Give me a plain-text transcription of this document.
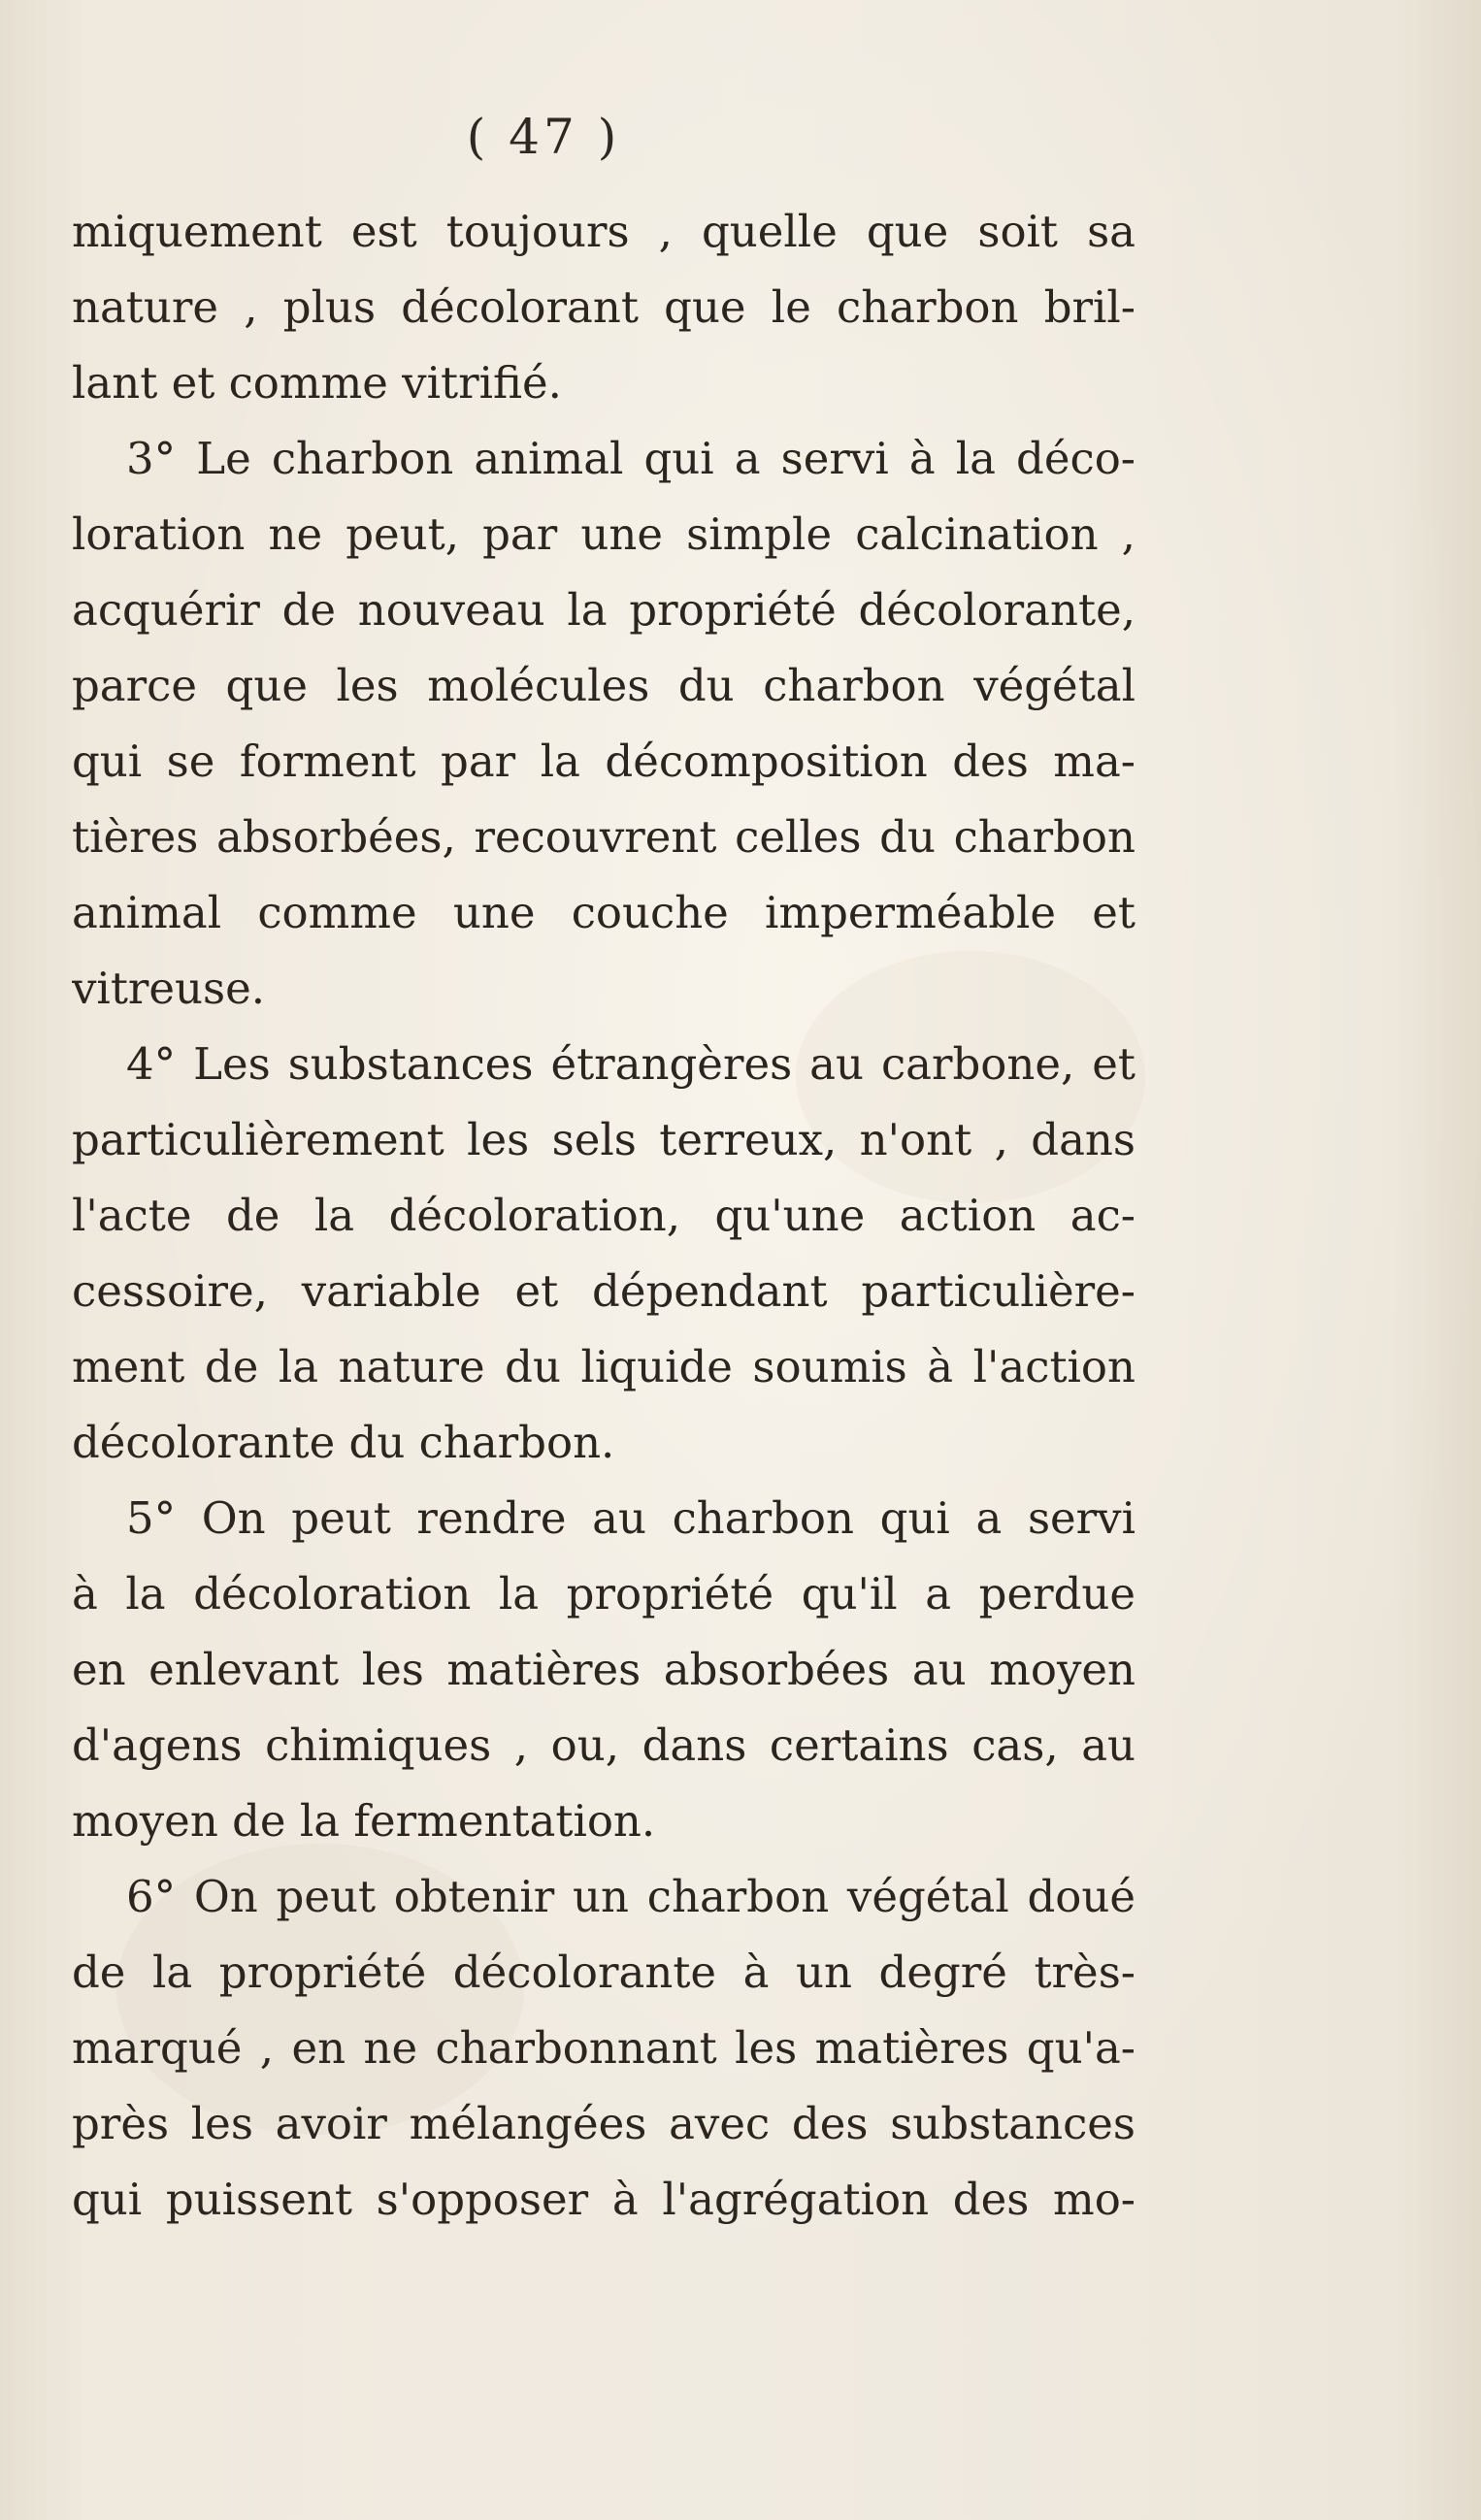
( 47 )
miquement est toujours , quelle que soit sa
nature , plus décolorant que le charbon bril-
lant et comme vitrifié.
3° Le charbon animal qui a servi à la déco-
loration ne peut, par une simple calcination ,
acquérir de nouveau la propriété décolorante,
parce que les molécules du charbon végétal
qui se forment par la décomposition des ma-
tières absorbées, recouvrent celles du charbon
animal comme une couche imperméable et
vitreuse.
4° Les substances étrangères au carbone, et
particulièrement les sels terreux, n'ont , dans
l'acte de la décoloration, qu'une action ac-
cessoire, variable et dépendant particulière-
ment de la nature du liquide soumis à l'action
décolorante du charbon.
5° On peut rendre au charbon qui a servi
à la décoloration la propriété qu'il a perdue
en enlevant les matières absorbées au moyen
d'agens chimiques , ou, dans certains cas, au
moyen de la fermentation.
6° On peut obtenir un charbon végétal doué
de la propriété décolorante à un degré très-
marqué , en ne charbonnant les matières qu'a-
près les avoir mélangées avec des substances
qui puissent s'opposer à l'agrégation des mo-
